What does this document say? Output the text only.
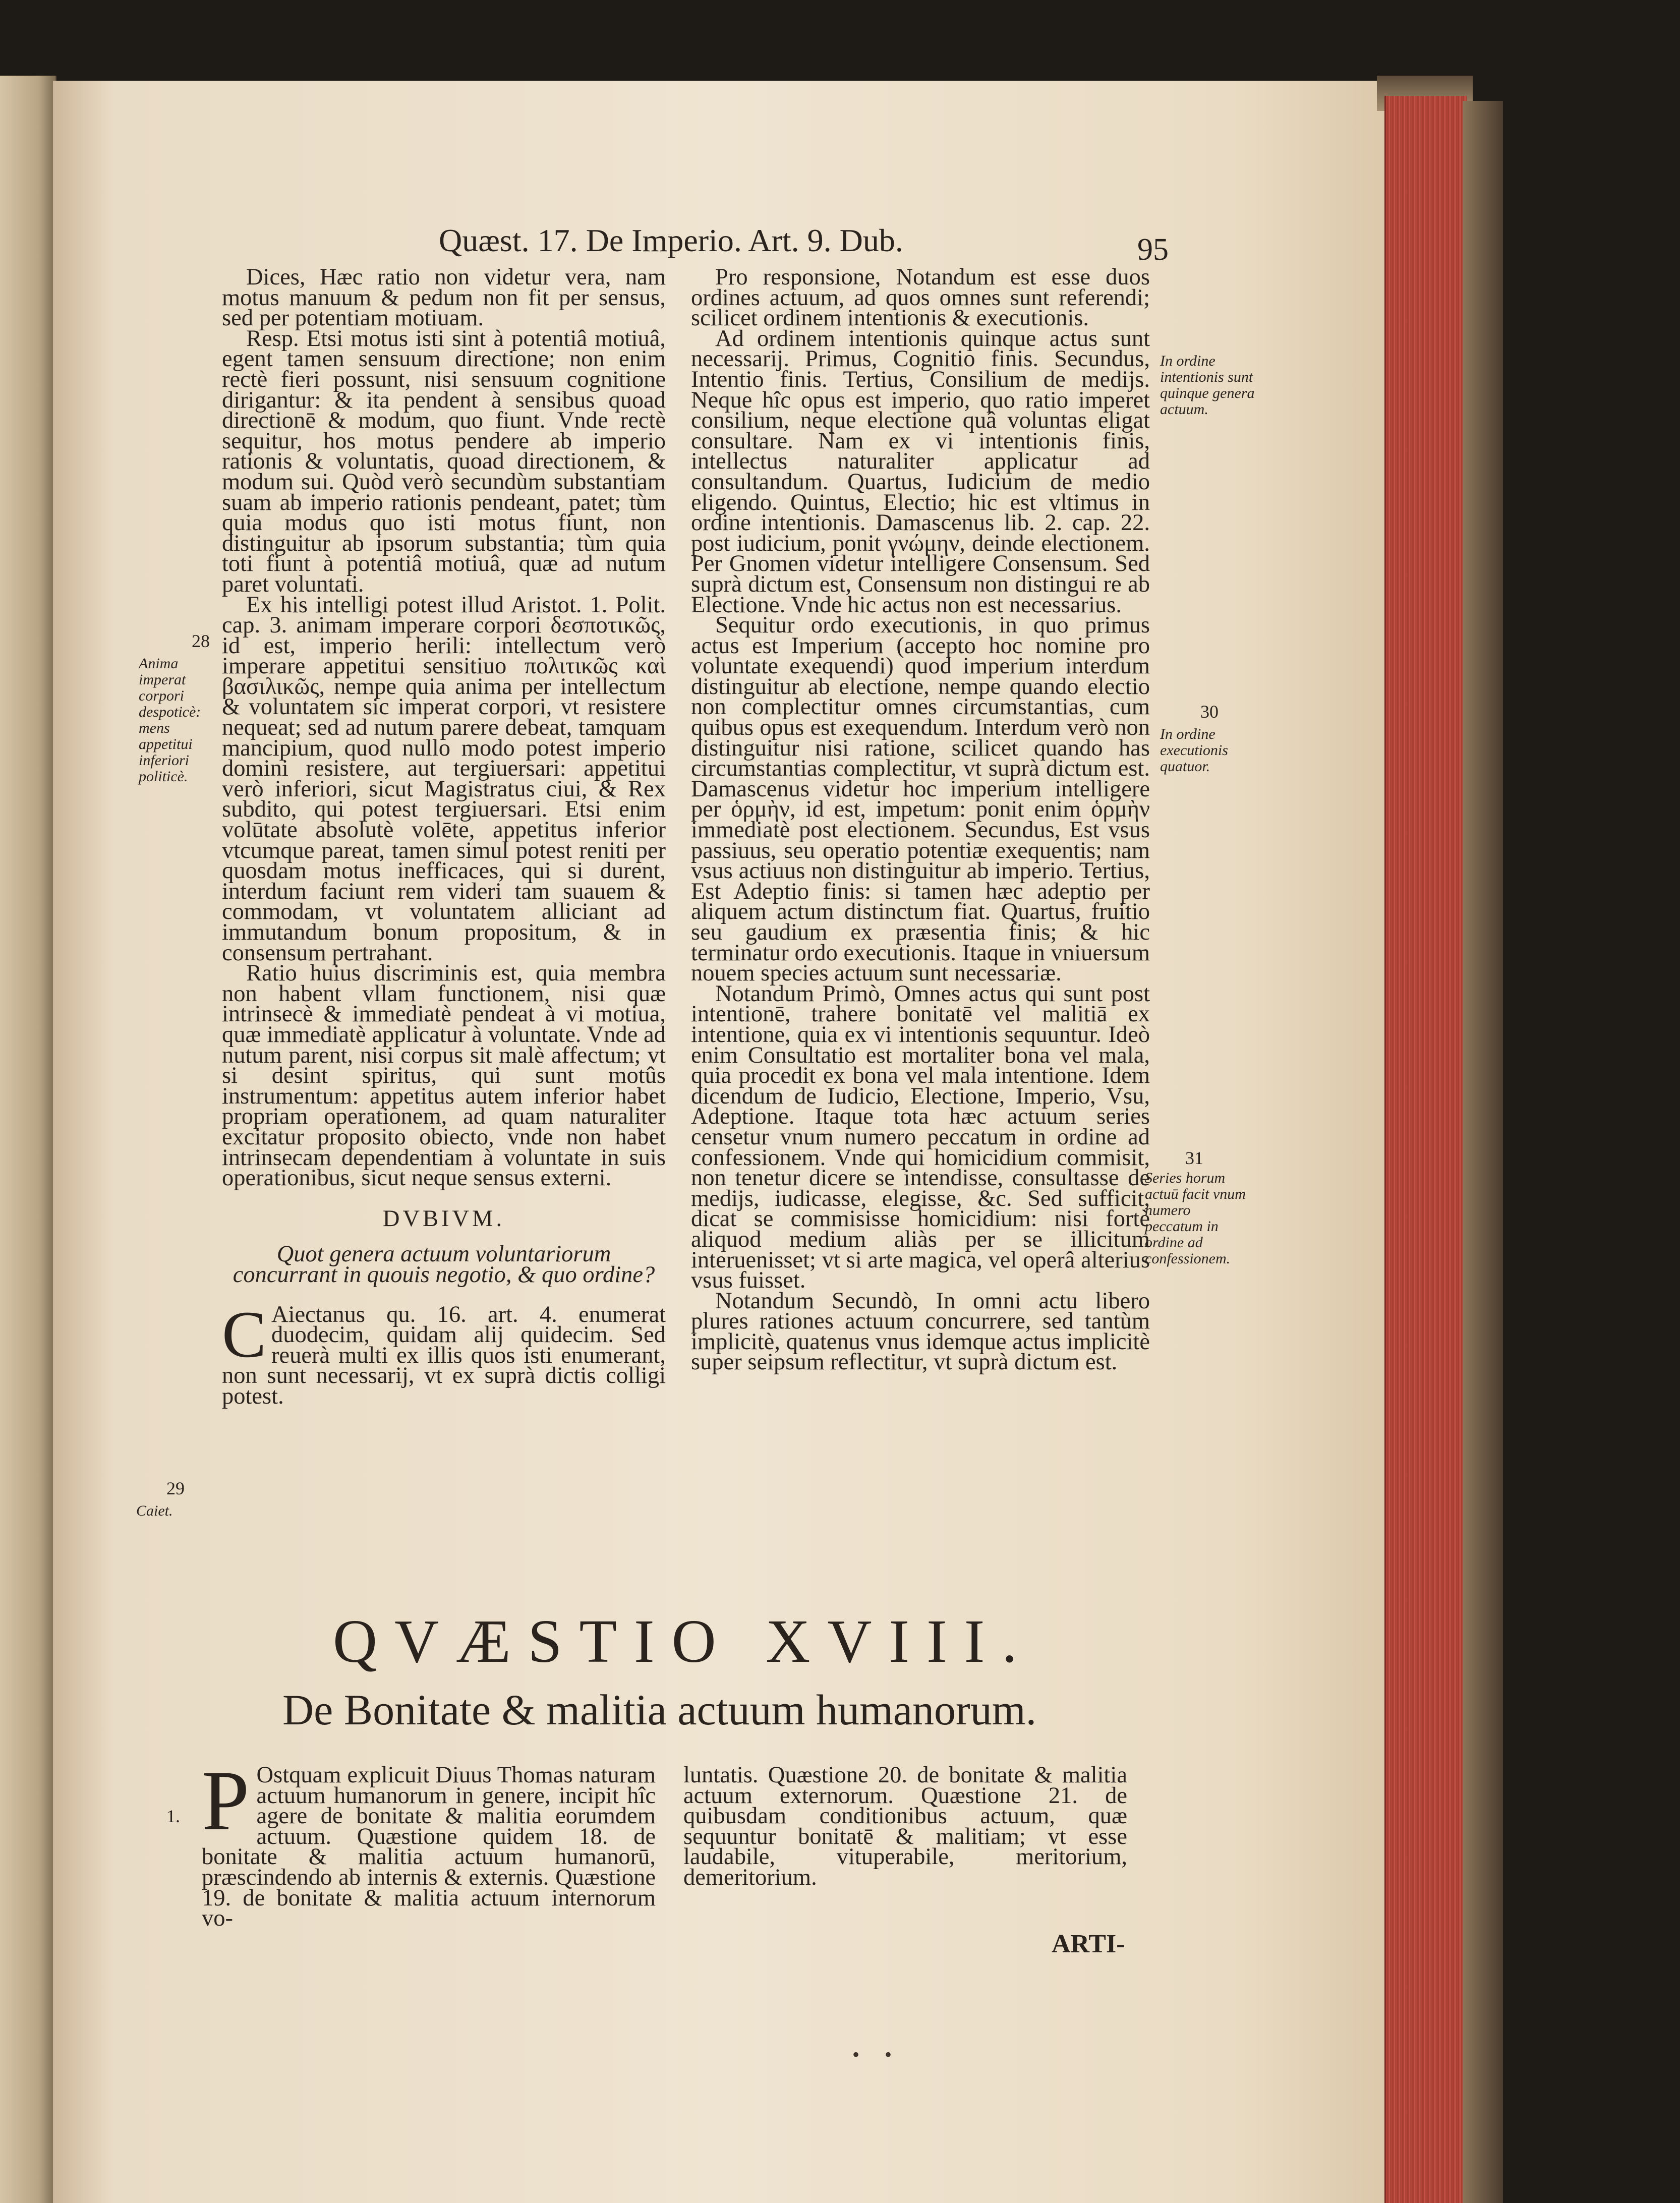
Quæst. 17. De Imperio. Art. 9. Dub.	95
Dices, Hæc ratio non videtur vera, nam motus manuum & pedum non fit per sensus, sed per potentiam motiuam.
Resp. Etsi motus isti sint à potentiâ motiuâ, egent tamen sensuum directione; non enim rectè fieri possunt, nisi sensuum cognitione dirigantur: & ita pendent à sensibus quoad directionē & modum, quo fiunt. Vnde rectè sequitur, hos motus pendere ab imperio rationis & voluntatis, quoad directionem, & modum sui. Quòd verò secundùm substantiam suam ab imperio rationis pendeant, patet; tùm quia modus quo isti motus fiunt, non distinguitur ab ipsorum substantia; tùm quia toti fiunt à potentiâ motiuâ, quæ ad nutum paret voluntati.
Ex his intelligi potest illud Aristot. 1. Polit. cap. 3. animam imperare corpori δεσποτικῶς, id est, imperio herili: intellectum verò imperare appetitui sensitiuo πολιτικῶς καὶ βασιλικῶς, nempe quia anima per intellectum & voluntatem sic imperat corpori, vt resistere nequeat; sed ad nutum parere debeat, tamquam mancipium, quod nullo modo potest imperio domini resistere, aut tergiuersari: appetitui verò inferiori, sicut Magistratus ciui, & Rex subdito, qui potest tergiuersari. Etsi enim volūtate absolutè volēte, appetitus inferior vtcumque pareat, tamen simul potest reniti per quosdam motus inefficaces, qui si durent, interdum faciunt rem videri tam suauem & commodam, vt voluntatem alliciant ad immutandum bonum propositum, & in consensum pertrahant.
Ratio huius discriminis est, quia membra non habent vllam functionem, nisi quæ intrinsecè & immediatè pendeat à vi motiua, quæ immediatè applicatur à voluntate. Vnde ad nutum parent, nisi corpus sit malè affectum; vt si desint spiritus, qui sunt motûs instrumentum: appetitus autem inferior habet propriam operationem, ad quam naturaliter excitatur proposito obiecto, vnde non habet intrinsecam dependentiam à voluntate in suis operationibus, sicut neque sensus externi.
DVBIVM.
Quot genera actuum voluntariorum concurrant in quouis negotio, & quo ordine?
C Aiectanus qu. 16. art. 4. enumerat duodecim, quidam alij quidecim. Sed reuerà multi ex illis quos isti enumerant, non sunt necessarij, vt ex suprà dictis colligi potest.
Pro responsione, Notandum est esse duos ordines actuum, ad quos omnes sunt referendi; scilicet ordinem intentionis & executionis.
Ad ordinem intentionis quinque actus sunt necessarij. Primus, Cognitio finis. Secundus, Intentio finis. Tertius, Consilium de medijs. Neque hîc opus est imperio, quo ratio imperet consilium, neque electione quâ voluntas eligat consultare. Nam ex vi intentionis finis, intellectus naturaliter applicatur ad consultandum. Quartus, Iudicium de medio eligendo. Quintus, Electio; hic est vltimus in ordine intentionis. Damascenus lib. 2. cap. 22. post iudicium, ponit γνώμην, deinde electionem. Per Gnomen videtur intelligere Consensum. Sed suprà dictum est, Consensum non distingui re ab Electione. Vnde hic actus non est necessarius.
Sequitur ordo executionis, in quo primus actus est Imperium (accepto hoc nomine pro voluntate exequendi) quod imperium interdum distinguitur ab electione, nempe quando electio non complectitur omnes circumstantias, cum quibus opus est exequendum. Interdum verò non distinguitur nisi ratione, scilicet quando has circumstantias complectitur, vt suprà dictum est. Damascenus videtur hoc imperium intelligere per ὁρμὴν, id est, impetum: ponit enim ὁρμὴν immediatè post electionem. Secundus, Est vsus passiuus, seu operatio potentiæ exequentis; nam vsus actiuus non distinguitur ab imperio. Tertius, Est Adeptio finis: si tamen hæc adeptio per aliquem actum distinctum fiat. Quartus, fruitio seu gaudium ex præsentia finis; & hic terminatur ordo executionis. Itaque in vniuersum nouem species actuum sunt necessariæ.
Notandum Primò, Omnes actus qui sunt post intentionē, trahere bonitatē vel malitiā ex intentione, quia ex vi intentionis sequuntur. Ideò enim Consultatio est mortaliter bona vel mala, quia procedit ex bona vel mala intentione. Idem dicendum de Iudicio, Electione, Imperio, Vsu, Adeptione. Itaque tota hæc actuum series censetur vnum numero peccatum in ordine ad confessionem. Vnde qui homicidium commisit, non tenetur dicere se intendisse, consultasse de medijs, iudicasse, elegisse, &c. Sed sufficit, dicat se commisisse homicidium: nisi fortè aliquod medium aliàs per se illicitum interuenisset; vt si arte magica, vel operâ alterius vsus fuisset.
Notandum Secundò, In omni actu libero plures rationes actuum concurrere, sed tantùm implicitè, quatenus vnus idemque actus implicitè super seipsum reflectitur, vt suprà dictum est.
28
Anima imperat corpori despoticè: mens appetitui inferiori politicè.
29
Caiet.
In ordine intentionis sunt quinque genera actuum.
30
In ordine executionis quatuor.
31
Series horum actuū facit vnum numero peccatum in ordine ad confessionem.
QVÆSTIO XVIII.
De Bonitate & malitia actuum humanorum.
1. P Ostquam explicuit Diuus Thomas naturam actuum humanorum in genere, incipit hîc agere de bonitate & malitia eorumdem actuum. Quæstione quidem 18. de bonitate & malitia actuum humanorū, præscindendo ab internis & externis. Quæstione 19. de bonitate & malitia actuum internorum vo-
luntatis. Quæstione 20. de bonitate & malitia actuum externorum. Quæstione 21. de quibusdam conditionibus actuum, quæ sequuntur bonitatē & malitiam; vt esse laudabile, vituperabile, meritorium, demeritorium.
ARTI-
• •
